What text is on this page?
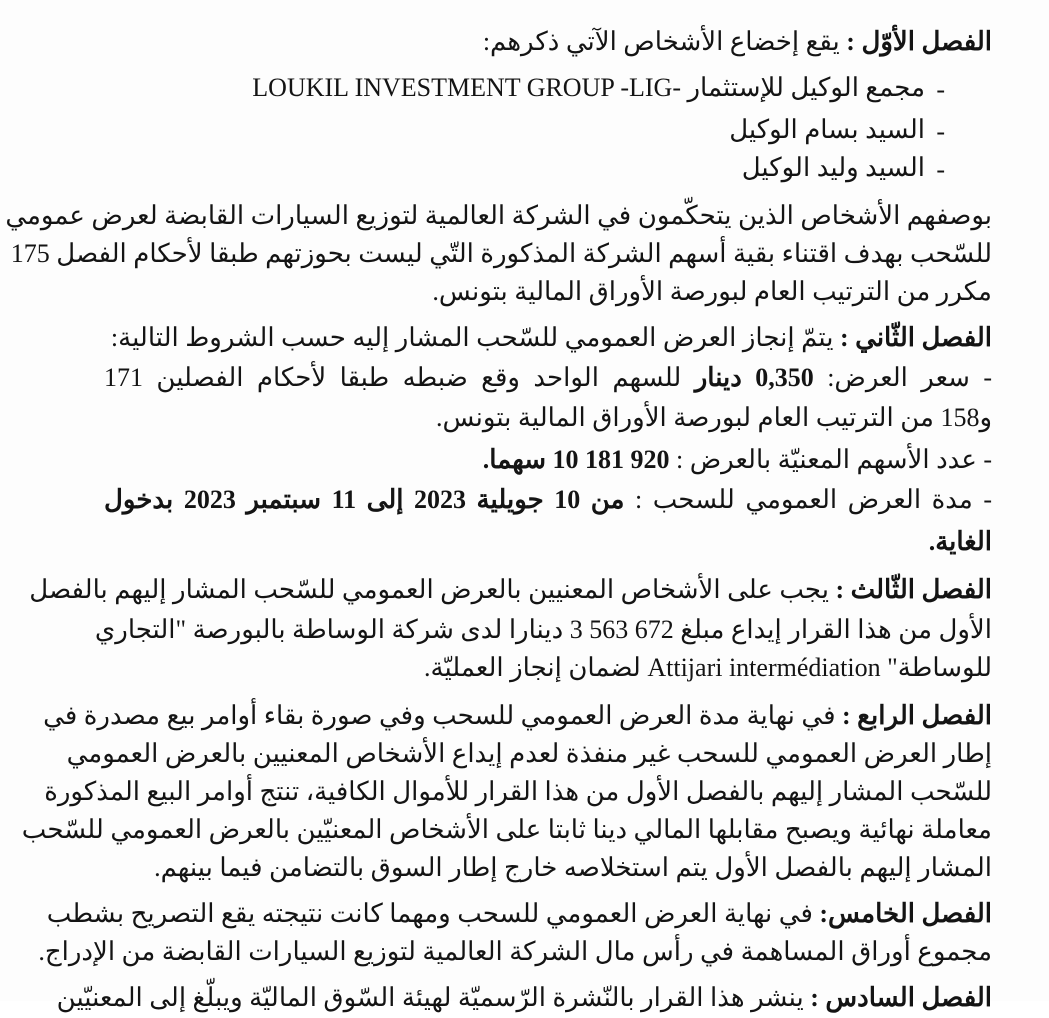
الفصل الأوّل : يقع إخضاع الأشخاص الآتي ذكرهم:
-
مجمع الوكيل للإستثمار LOUKIL INVESTMENT GROUP -LIG-
-
السيد بسام الوكيل
-
السيد وليد الوكيل
بوصفهم الأشخاص الذين يتحكّمون في الشركة العالمية لتوزيع السيارات القابضة لعرض عمومي
للسّحب بهدف اقتناء بقية أسهم الشركة المذكورة التّي ليست بحوزتهم طبقا لأحكام الفصل 175
مكرر من الترتيب العام لبورصة الأوراق المالية بتونس.
الفصل الثّاني : يتمّ إنجاز العرض العمومي للسّحب المشار إليه حسب الشروط التالية:
- سعر العرض: 0,350 دينار للسهم الواحد وقع ضبطه طبقا لأحكام الفصلين 171
و158 من الترتيب العام لبورصة الأوراق المالية بتونس.
- عدد الأسهم المعنيّة بالعرض : 920 181 10 سهما.
- مدة العرض العمومي للسحب : من 10 جويلية 2023 إلى 11 سبتمبر 2023 بدخول
الغاية.
الفصل الثّالث : يجب على الأشخاص المعنيين بالعرض العمومي للسّحب المشار إليهم بالفصل
الأول من هذا القرار إيداع مبلغ 672 563 3 دينارا لدى شركة الوساطة بالبورصة "التجاري
للوساطة" Attijari intermédiation لضمان إنجاز العمليّة.
الفصل الرابع : في نهاية مدة العرض العمومي للسحب وفي صورة بقاء أوامر بيع مصدرة في
إطار العرض العمومي للسحب غير منفذة لعدم إيداع الأشخاص المعنيين بالعرض العمومي
للسّحب المشار إليهم بالفصل الأول من هذا القرار للأموال الكافية، تنتج أوامر البيع المذكورة
معاملة نهائية ويصبح مقابلها المالي دينا ثابتا على الأشخاص المعنيّين بالعرض العمومي للسّحب
المشار إليهم بالفصل الأول يتم استخلاصه خارج إطار السوق بالتضامن فيما بينهم.
الفصل الخامس: في نهاية العرض العمومي للسحب ومهما كانت نتيجته يقع التصريح بشطب
مجموع أوراق المساهمة في رأس مال الشركة العالمية لتوزيع السيارات القابضة من الإدراج.
الفصل السادس : ينشر هذا القرار بالنّشرة الرّسميّة لهيئة السّوق الماليّة ويبلّغ إلى المعنيّين
